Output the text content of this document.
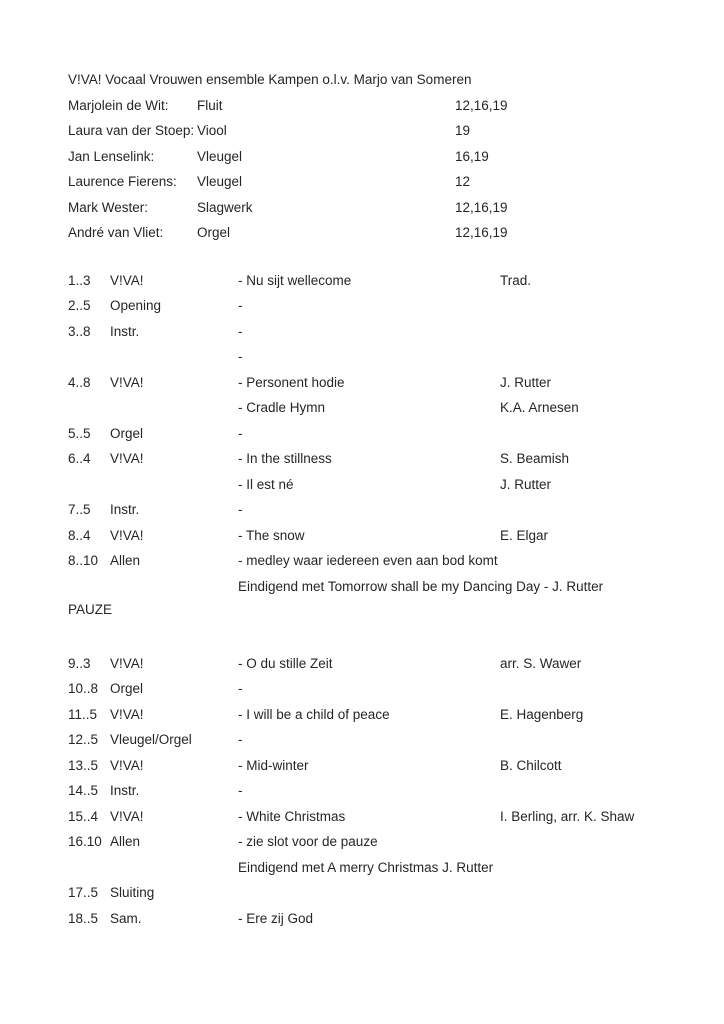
V!VA! Vocaal Vrouwen ensemble Kampen o.l.v. Marjo van Someren
Marjolein de Wit: Fluit	12,16,19
Laura van der Stoep: Viool	19
Jan Lenselink:	Vleugel	16,19
Laurence Fierens: Vleugel	12
Mark Wester:	Slagwerk	12,16,19
André van Vliet: Orgel	12,16,19
1..3 V!VA!	- Nu sijt wellecome	Trad.
2..5 Opening	-
3..8 Instr.	-
-
4..8 V!VA!	- Personent hodie	J. Rutter
- Cradle Hymn	K.A. Arnesen
5..5 Orgel	-
6..4 V!VA!	- In the stillness	S. Beamish
- Il est né	J. Rutter
7..5 Instr.	-
8..4 V!VA!	- The snow	E. Elgar
8..10 Allen	- medley waar iedereen even aan bod komt
Eindigend met Tomorrow shall be my Dancing Day - J. Rutter
PAUZE
9..3 V!VA!	- O du stille Zeit	arr. S. Wawer
10..8 Orgel	-
11..5 V!VA!	- I will be a child of peace	E. Hagenberg
12..5 Vleugel/Orgel	-
13..5 V!VA!	- Mid-winter	B. Chilcott
14..5 Instr.	-
15..4 V!VA!	- White Christmas	I. Berling, arr. K. Shaw
16.10 Allen	- zie slot voor de pauze
Eindigend met A merry Christmas J. Rutter
17..5 Sluiting
18..5 Sam.	- Ere zij God
